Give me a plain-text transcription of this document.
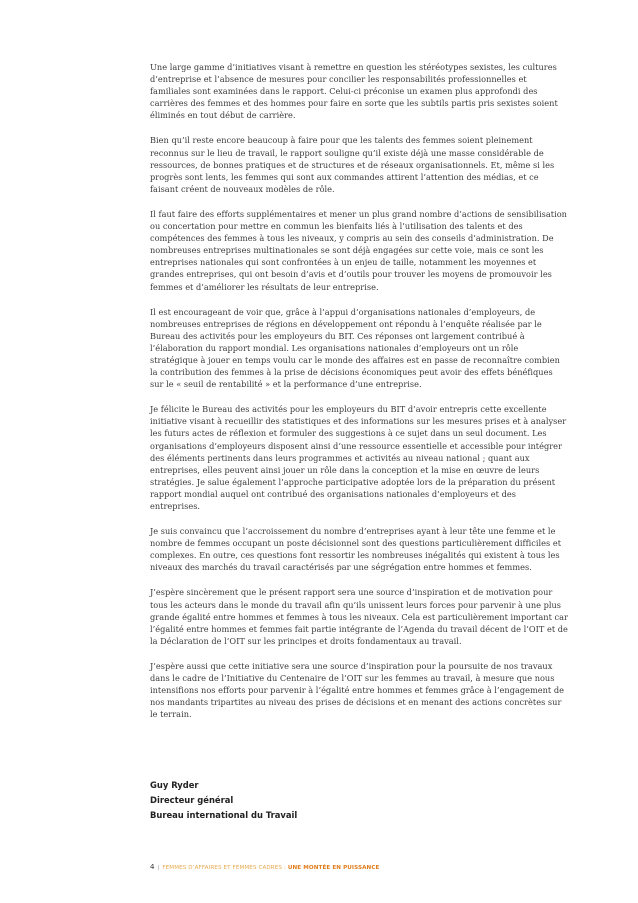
Une large gamme d’initiatives visant à remettre en question les stéréotypes sexistes, les cultures d’entreprise et l’absence de mesures pour concilier les responsabilités professionnelles et familiales sont examinées dans le rapport. Celui-ci préconise un examen plus approfondi des carrières des femmes et des hommes pour faire en sorte que les subtils partis pris sexistes soient éliminés en tout début de carrière.

Bien qu’il reste encore beaucoup à faire pour que les talents des femmes soient pleinement reconnus sur le lieu de travail, le rapport souligne qu’il existe déjà une masse considérable de ressources, de bonnes pratiques et de structures et de réseaux organisationnels. Et, même si les progrès sont lents, les femmes qui sont aux commandes attirent l’attention des médias, et ce faisant créent de nouveaux modèles de rôle.

Il faut faire des efforts supplémentaires et mener un plus grand nombre d’actions de sensibilisation ou concertation pour mettre en commun les bienfaits liés à l’utilisation des talents et des compétences des femmes à tous les niveaux, y compris au sein des conseils d’administration. De nombreuses entreprises multinationales se sont déjà engagées sur cette voie, mais ce sont les entreprises nationales qui sont confrontées à un enjeu de taille, notamment les moyennes et grandes entreprises, qui ont besoin d’avis et d’outils pour trouver les moyens de promouvoir les femmes et d’améliorer les résultats de leur entreprise.

Il est encourageant de voir que, grâce à l’appui d’organisations nationales d’employeurs, de nombreuses entreprises de régions en développement ont répondu à l’enquête réalisée par le Bureau des activités pour les employeurs du BIT. Ces réponses ont largement contribué à l’élaboration du rapport mondial. Les organisations nationales d’employeurs ont un rôle stratégique à jouer en temps voulu car le monde des affaires est en passe de reconnaître combien la contribution des femmes à la prise de décisions économiques peut avoir des effets bénéfiques sur le « seuil de rentabilité » et la performance d’une entreprise.

Je félicite le Bureau des activités pour les employeurs du BIT d’avoir entrepris cette excellente initiative visant à recueillir des statistiques et des informations sur les mesures prises et à analyser les futurs actes de réflexion et formuler des suggestions à ce sujet dans un seul document. Les organisations d’employeurs disposent ainsi d’une ressource essentielle et accessible pour intégrer des éléments pertinents dans leurs programmes et activités au niveau national ; quant aux entreprises, elles peuvent ainsi jouer un rôle dans la conception et la mise en œuvre de leurs stratégies. Je salue également l’approche participative adoptée lors de la préparation du présent rapport mondial auquel ont contribué des organisations nationales d’employeurs et des entreprises.

Je suis convaincu que l’accroissement du nombre d’entreprises ayant à leur tête une femme et le nombre de femmes occupant un poste décisionnel sont des questions particulièrement difficiles et complexes. En outre, ces questions font ressortir les nombreuses inégalités qui existent à tous les niveaux des marchés du travail caractérisés par une ségrégation entre hommes et femmes.

J’espère sincèrement que le présent rapport sera une source d’inspiration et de motivation pour tous les acteurs dans le monde du travail afin qu’ils unissent leurs forces pour parvenir à une plus grande égalité entre hommes et femmes à tous les niveaux. Cela est particulièrement important car l’égalité entre hommes et femmes fait partie intégrante de l’Agenda du travail décent de l’OIT et de la Déclaration de l’OIT sur les principes et droits fondamentaux au travail.

J’espère aussi que cette initiative sera une source d’inspiration pour la poursuite de nos travaux dans le cadre de l’Initiative du Centenaire de l’OIT sur les femmes au travail, à mesure que nous intensifions nos efforts pour parvenir à l’égalité entre hommes et femmes grâce à l’engagement de nos mandants tripartites au niveau des prises de décisions et en menant des actions concrètes sur le terrain.

Guy Ryder
Directeur général
Bureau international du Travail
4 | FEMMES D’AFFAIRES ET FEMMES CADRES : UNE MONTÉE EN PUISSANCE
